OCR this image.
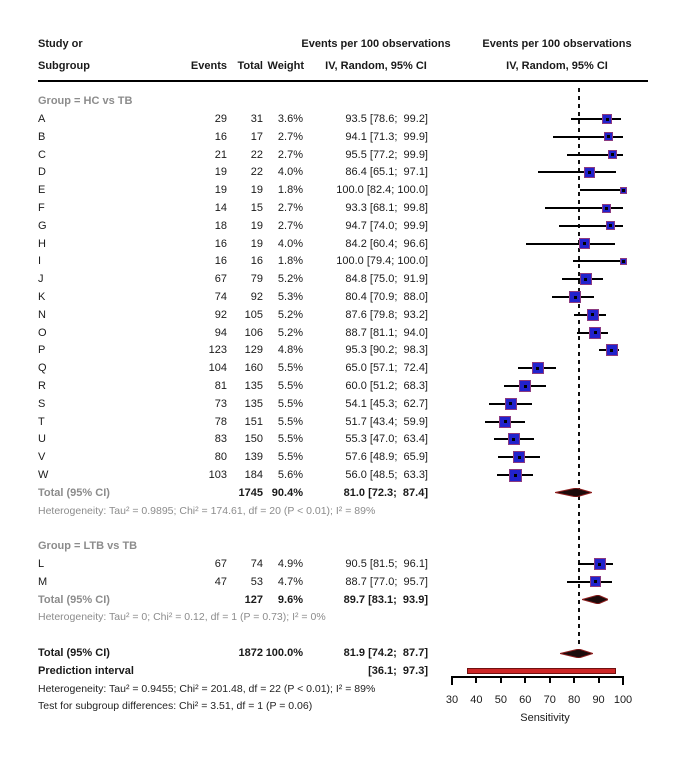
Study or
Subgroup	Events Total Weight
Events per 100 observations
IV, Random, 95% CI
Events per 100 observations
IV, Random, 95% CI
Group = HC vs TB
A	29 31 3.6%	93.5 [78.6;  99.2]
B	16 17 2.7%	94.1 [71.3;  99.9]
C	21 22 2.7%	95.5 [77.2;  99.9]
D	19 22 4.0%	86.4 [65.1;  97.1]
E	19 19 1.8%	100.0 [82.4; 100.0]
F	14 15 2.7%	93.3 [68.1;  99.8]
G	18 19 2.7%	94.7 [74.0;  99.9]
H	16 19 4.0%	84.2 [60.4;  96.6]
I	16 16 1.8%	100.0 [79.4; 100.0]
J	67 79 5.2%	84.8 [75.0;  91.9]
K	74 92 5.3%	80.4 [70.9;  88.0]
N	92 105 5.2%	87.6 [79.8;  93.2]
O	94 106 5.2%	88.7 [81.1;  94.0]
P	123 129 4.8%	95.3 [90.2;  98.3]
Q	104 160 5.5%	65.0 [57.1;  72.4]
R	81 135 5.5%	60.0 [51.2;  68.3]
S	73 135 5.5%	54.1 [45.3;  62.7]
T	78 151 5.5%	51.7 [43.4;  59.9]
U	83 150 5.5%	55.3 [47.0;  63.4]
V	80 139 5.5%	57.6 [48.9;  65.9]
W	103 184 5.6%	56.0 [48.5;  63.3]
Total (95% CI)	1745 90.4%	81.0 [72.3;  87.4]
Heterogeneity: Tau² = 0.9895; Chi² = 174.61, df = 20 (P < 0.01); I² = 89%
Group = LTB vs TB
L	67 74 4.9%	90.5 [81.5;  96.1]
M	47 53 4.7%	88.7 [77.0;  95.7]
Total (95% CI)	127 9.6%	89.7 [83.1;  93.9]
Heterogeneity: Tau² = 0; Chi² = 0.12, df = 1 (P = 0.73); I² = 0%
Total (95% CI)	1872 100.0%	81.9 [74.2;  87.7]
Prediction interval	[36.1;  97.3]
Heterogeneity: Tau² = 0.9455; Chi² = 201.48, df = 22 (P < 0.01); I² = 89%
Test for subgroup differences: Chi² = 3.51, df = 1 (P = 0.06)
30 40 50 60 70 80 90 100
Sensitivity
